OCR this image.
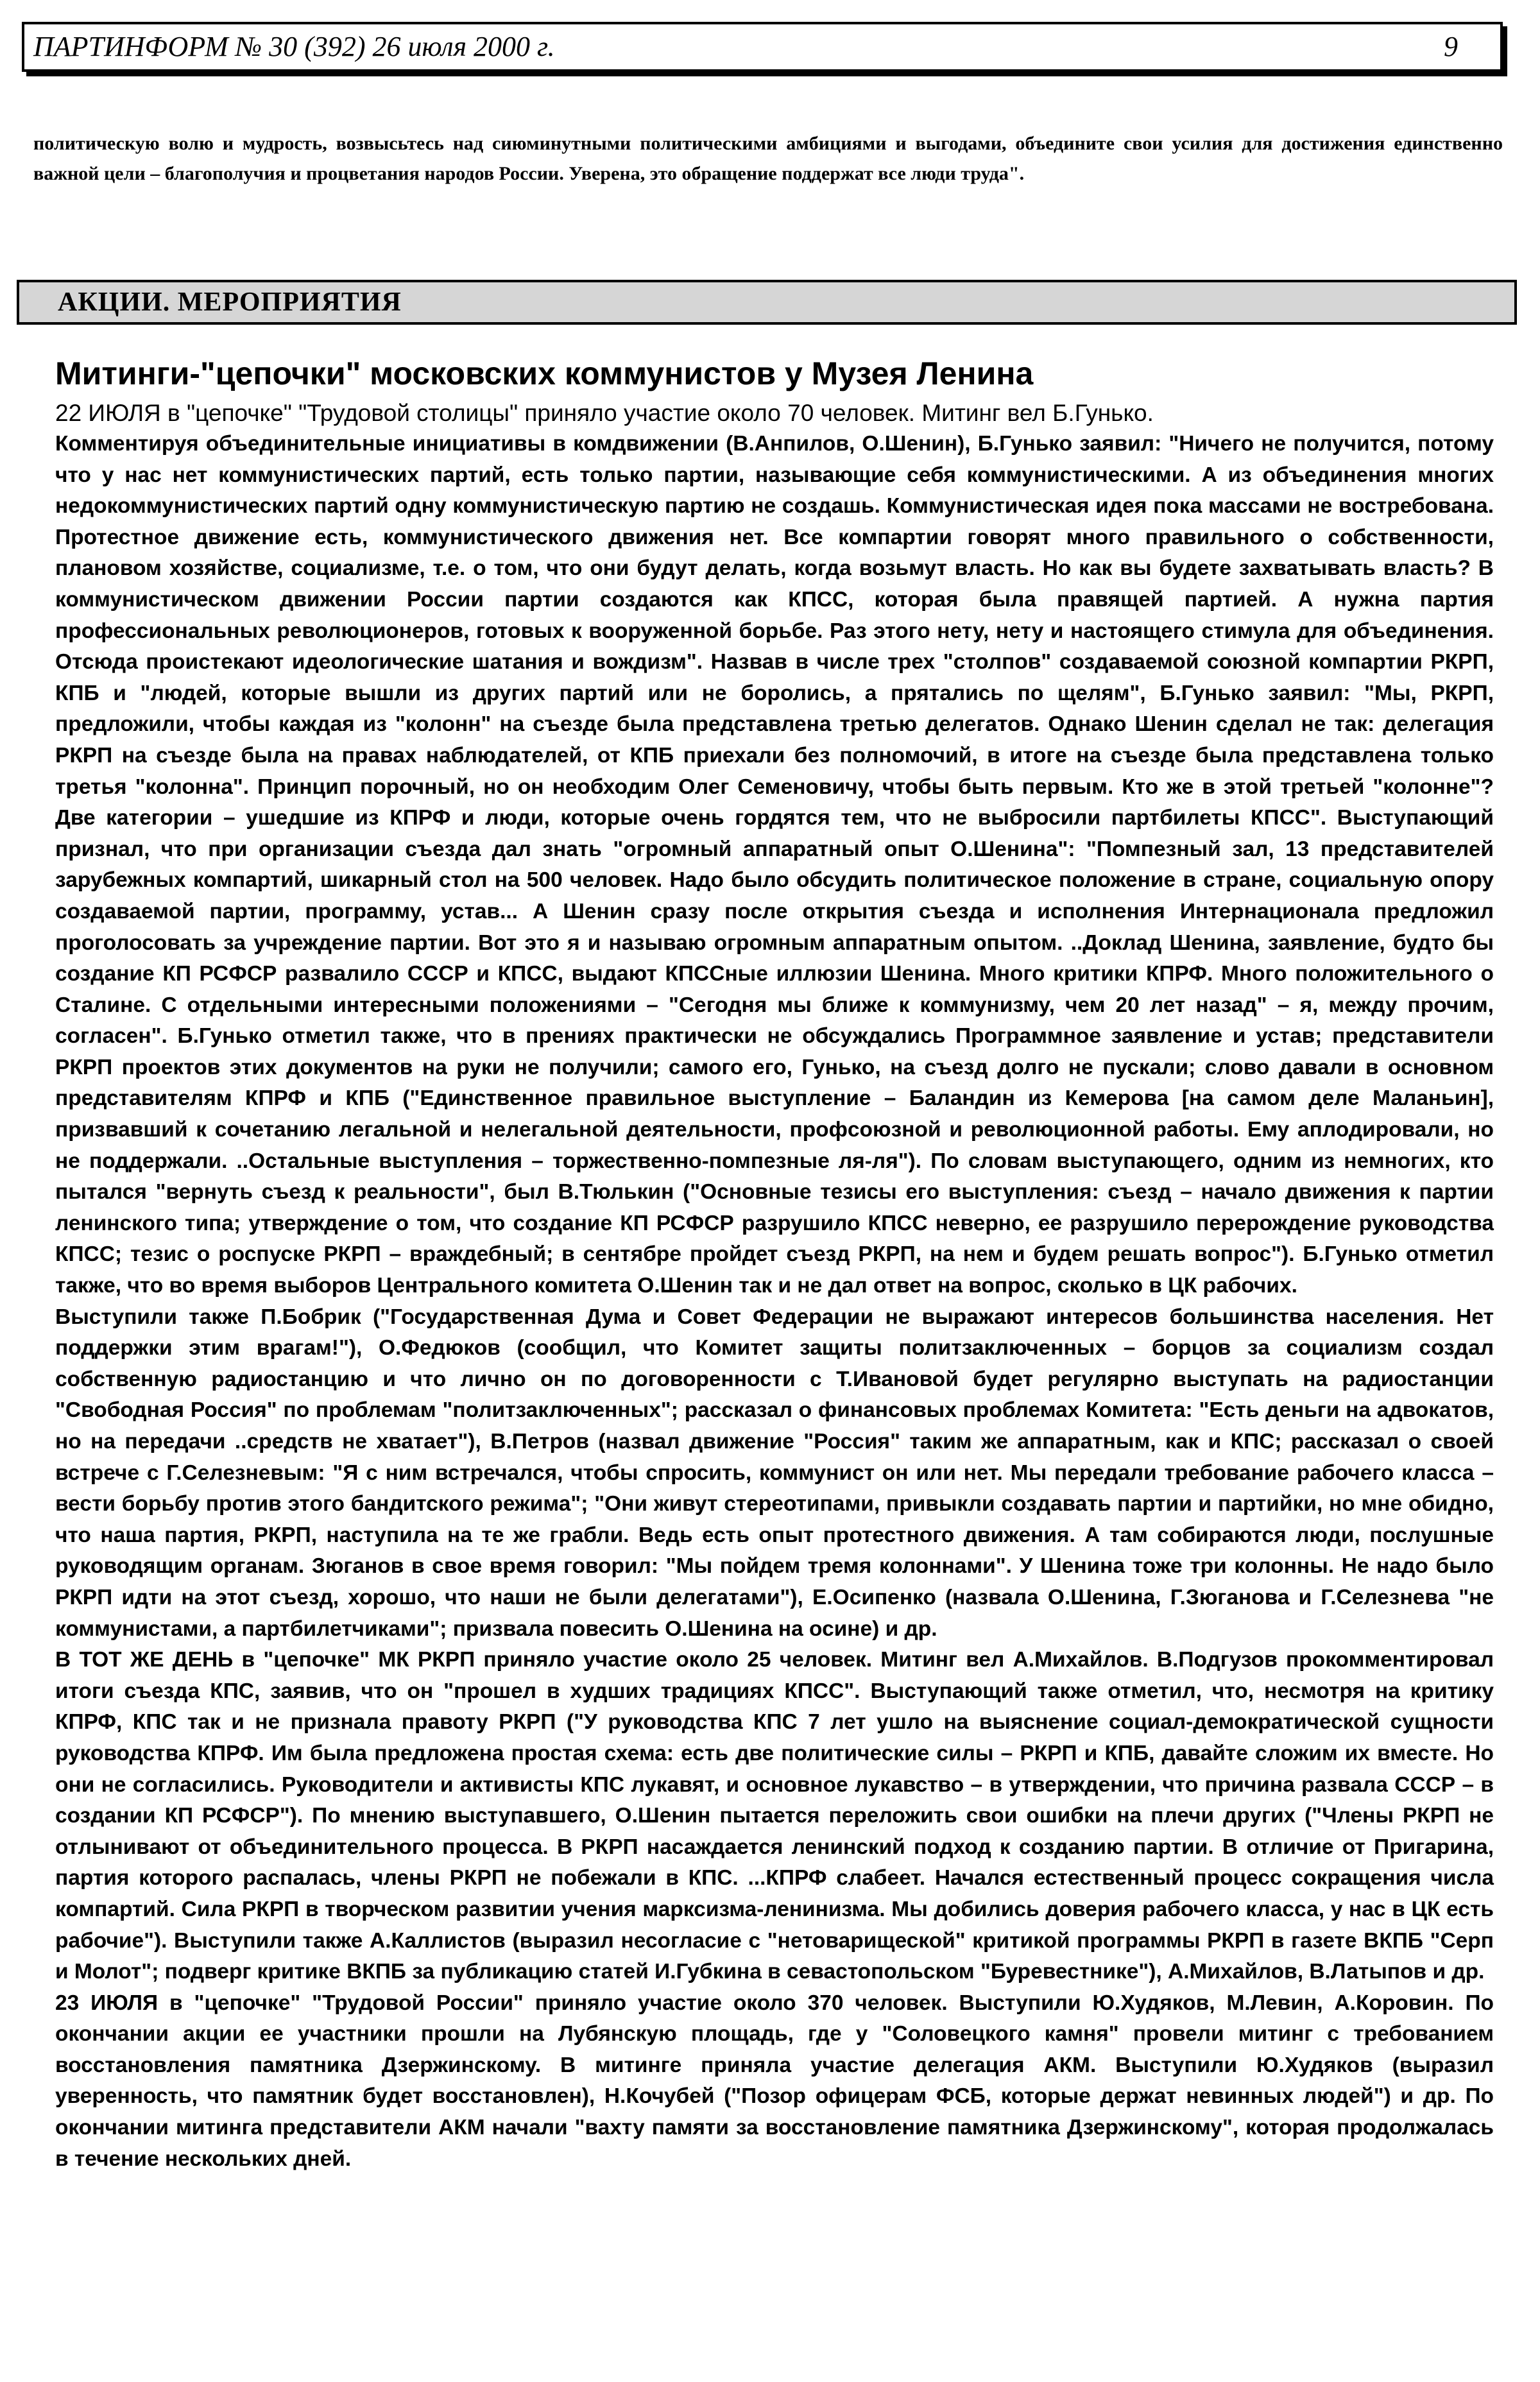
ПАРТИНФОРМ № 30 (392) 26 июля 2000 г.	9

политическую волю и мудрость, возвысьтесь над сиюминутными политическими амбициями и выгодами, объедините свои усилия для достижения единственно важной цели – благополучия и процветания народов России. Уверена, это обращение поддержат все люди труда".

АКЦИИ. МЕРОПРИЯТИЯ
Митинги-"цепочки" московских коммунистов у Музея Ленина

22 ИЮЛЯ в "цепочке" "Трудовой столицы" приняло участие около 70 человек. Митинг вел Б.Гунько.

Комментируя объединительные инициативы в комдвижении (В.Анпилов, О.Шенин), Б.Гунько заявил: "Ничего не получится, потому что у нас нет коммунистических партий, есть только партии, называющие себя коммунистическими. А из объединения многих недокоммунистических партий одну коммунистическую партию не создашь. Коммунистическая идея пока массами не востребована. Протестное движение есть, коммунистического движения нет. Все компартии говорят много правильного о собственности, плановом хозяйстве, социализме, т.е. о том, что они будут делать, когда возьмут власть. Но как вы будете захватывать власть? В коммунистическом движении России партии создаются как КПСС, которая была правящей партией. А нужна партия профессиональных революционеров, готовых к вооруженной борьбе. Раз этого нету, нету и настоящего стимула для объединения. Отсюда проистекают идеологические шатания и вождизм". Назвав в числе трех "столпов" создаваемой союзной компартии РКРП, КПБ и "людей, которые вышли из других партий или не боролись, а прятались по щелям", Б.Гунько заявил: "Мы, РКРП, предложили, чтобы каждая из "колонн" на съезде была представлена третью делегатов. Однако Шенин сделал не так: делегация РКРП на съезде была на правах наблюдателей, от КПБ приехали без полномочий, в итоге на съезде была представлена только третья "колонна". Принцип порочный, но он необходим Олег Семеновичу, чтобы быть первым. Кто же в этой третьей "колонне"? Две категории – ушедшие из КПРФ и люди, которые очень гордятся тем, что не выбросили партбилеты КПСС". Выступающий признал, что при организации съезда дал знать "огромный аппаратный опыт О.Шенина": "Помпезный зал, 13 представителей зарубежных компартий, шикарный стол на 500 человек. Надо было обсудить политическое положение в стране, социальную опору создаваемой партии, программу, устав... А Шенин сразу после открытия съезда и исполнения Интернационала предложил проголосовать за учреждение партии. Вот это я и называю огромным аппаратным опытом. ..Доклад Шенина, заявление, будто бы создание КП РСФСР развалило СССР и КПСС, выдают КПССные иллюзии Шенина. Много критики КПРФ. Много положительного о Сталине. С отдельными интересными положениями – "Сегодня мы ближе к коммунизму, чем 20 лет назад" – я, между прочим, согласен". Б.Гунько отметил также, что в прениях практически не обсуждались Программное заявление и устав; представители РКРП проектов этих документов на руки не получили; самого его, Гунько, на съезд долго не пускали; слово давали в основном представителям КПРФ и КПБ ("Единственное правильное выступление – Баландин из Кемерова [на самом деле Маланьин], призвавший к сочетанию легальной и нелегальной деятельности, профсоюзной и революционной работы. Ему аплодировали, но не поддержали. ..Остальные выступления – торжественно-помпезные ля-ля"). По словам выступающего, одним из немногих, кто пытался "вернуть съезд к реальности", был В.Тюлькин ("Основные тезисы его выступления: съезд – начало движения к партии ленинского типа; утверждение о том, что создание КП РСФСР разрушило КПСС неверно, ее разрушило перерождение руководства КПСС; тезис о роспуске РКРП – враждебный; в сентябре пройдет съезд РКРП, на нем и будем решать вопрос"). Б.Гунько отметил также, что во время выборов Центрального комитета О.Шенин так и не дал ответ на вопрос, сколько в ЦК рабочих.

Выступили также П.Бобрик ("Государственная Дума и Совет Федерации не выражают интересов большинства населения. Нет поддержки этим врагам!"), О.Федюков (сообщил, что Комитет защиты политзаключенных – борцов за социализм создал собственную радиостанцию и что лично он по договоренности с Т.Ивановой будет регулярно выступать на радиостанции "Свободная Россия" по проблемам "политзаключенных"; рассказал о финансовых проблемах Комитета: "Есть деньги на адвокатов, но на передачи ..средств не хватает"), В.Петров (назвал движение "Россия" таким же аппаратным, как и КПС; рассказал о своей встрече с Г.Селезневым: "Я с ним встречался, чтобы спросить, коммунист он или нет. Мы передали требование рабочего класса – вести борьбу против этого бандитского режима"; "Они живут стереотипами, привыкли создавать партии и партийки, но мне обидно, что наша партия, РКРП, наступила на те же грабли. Ведь есть опыт протестного движения. А там собираются люди, послушные руководящим органам. Зюганов в свое время говорил: "Мы пойдем тремя колоннами". У Шенина тоже три колонны. Не надо было РКРП идти на этот съезд, хорошо, что наши не были делегатами"), Е.Осипенко (назвала О.Шенина, Г.Зюганова и Г.Селезнева "не коммунистами, а партбилетчиками"; призвала повесить О.Шенина на осине) и др.

В ТОТ ЖЕ ДЕНЬ в "цепочке" МК РКРП приняло участие около 25 человек. Митинг вел А.Михайлов. В.Подгузов прокомментировал итоги съезда КПС, заявив, что он "прошел в худших традициях КПСС". Выступающий также отметил, что, несмотря на критику КПРФ, КПС так и не признала правоту РКРП ("У руководства КПС 7 лет ушло на выяснение социал-демократической сущности руководства КПРФ. Им была предложена простая схема: есть две политические силы – РКРП и КПБ, давайте сложим их вместе. Но они не согласились. Руководители и активисты КПС лукавят, и основное лукавство – в утверждении, что причина развала СССР – в создании КП РСФСР"). По мнению выступавшего, О.Шенин пытается переложить свои ошибки на плечи других ("Члены РКРП не отлынивают от объединительного процесса. В РКРП насаждается ленинский подход к созданию партии. В отличие от Пригарина, партия которого распалась, члены РКРП не побежали в КПС. ...КПРФ слабеет. Начался естественный процесс сокращения числа компартий. Сила РКРП в творческом развитии учения марксизма-ленинизма. Мы добились доверия рабочего класса, у нас в ЦК есть рабочие"). Выступили также А.Каллистов (выразил несогласие с "нетоварищеской" критикой программы РКРП в газете ВКПБ "Серп и Молот"; подверг критике ВКПБ за публикацию статей И.Губкина в севастопольском "Буревестнике"), А.Михайлов, В.Латыпов и др.

23 ИЮЛЯ в "цепочке" "Трудовой России" приняло участие около 370 человек. Выступили Ю.Худяков, М.Левин, А.Коровин. По окончании акции ее участники прошли на Лубянскую площадь, где у "Соловецкого камня" провели митинг с требованием восстановления памятника Дзержинскому. В митинге приняла участие делегация АКМ. Выступили Ю.Худяков (выразил уверенность, что памятник будет восстановлен), Н.Кочубей ("Позор офицерам ФСБ, которые держат невинных людей") и др. По окончании митинга представители АКМ начали "вахту памяти за восстановление памятника Дзержинскому", которая продолжалась в течение нескольких дней.
